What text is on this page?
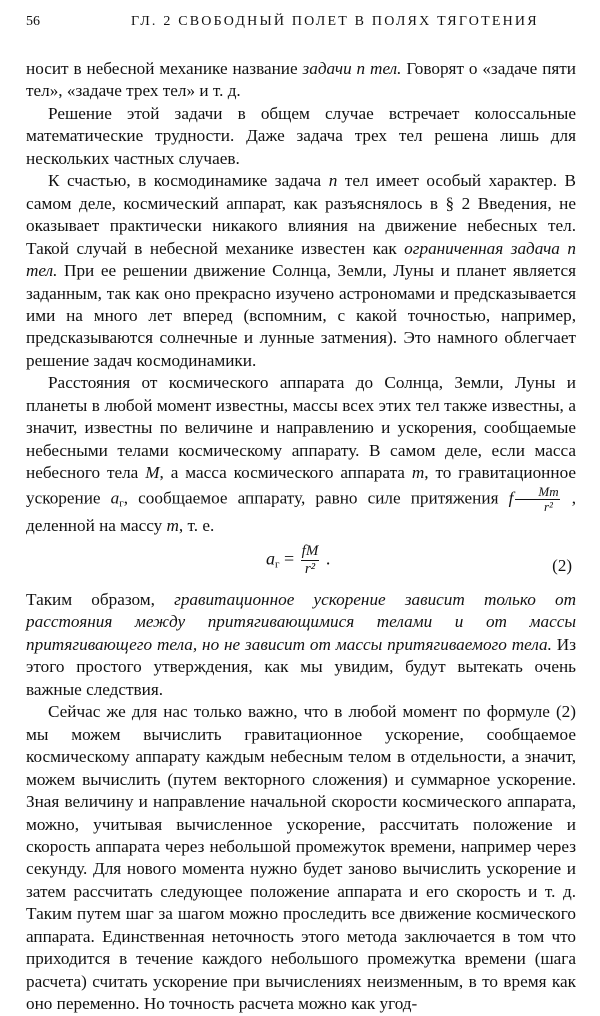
56	ГЛ. 2 СВОБОДНЫЙ ПОЛЕТ В ПОЛЯХ ТЯГОТЕНИЯ

носит в небесной механике название задачи n тел. Говорят о «задаче пяти тел», «задаче трех тел» и т. д.

Решение этой задачи в общем случае встречает колоссальные математические трудности. Даже задача трех тел решена лишь для нескольких частных случаев.

К счастью, в космодинамике задача n тел имеет особый характер. В самом деле, космический аппарат, как разъяснялось в § 2 Введения, не оказывает практически никакого влияния на движение небесных тел. Такой случай в небесной механике известен как ограниченная задача n тел. При ее решении движение Солнца, Земли, Луны и планет является заданным, так как оно прекрасно изучено астрономами и предсказывается ими на много лет вперед (вспомним, с какой точностью, например, предсказываются солнечные и лунные затмения). Это намного облегчает решение задач космодинамики.

Расстояния от космического аппарата до Солнца, Земли, Луны и планеты в любой момент известны, массы всех этих тел также известны, а значит, известны по величине и направлению и ускорения, сообщаемые небесными телами космическому аппарату. В самом деле, если масса небесного тела M, а масса космического аппарата m, то гравитационное ускорение $a_г$, сообщаемое аппарату, равно силе притяжения f $\frac{Mm}{\text{r²}}$ , деленной на массу m, т. е.

$a_г = \frac{fM}{\text{r²}}$ .	(2)

Таким образом, гравитационное ускорение зависит только от расстояния между притягивающимися телами и от массы притягивающего тела, но не зависит от массы притягиваемого тела. Из этого простого утверждения, как мы увидим, будут вытекать очень важные следствия.

Сейчас же для нас только важно, что в любой момент по формуле (2) мы можем вычислить гравитационное ускорение, сообщаемое космическому аппарату каждым небесным телом в отдельности, а значит, можем вычислить (путем векторного сложения) и суммарное ускорение. Зная величину и направление начальной скорости космического аппарата, можно, учитывая вычисленное ускорение, рассчитать положение и скорость аппарата через небольшой промежуток времени, например через секунду. Для нового момента нужно будет заново вычислить ускорение и затем рассчитать следующее положение аппарата и его скорость и т. д. Таким путем шаг за шагом можно проследить все движение космического аппарата. Единственная неточность этого метода заключается в том что приходится в течение каждого небольшого промежутка времени (шага расчета) считать ускорение при вычислениях неизменным, в то время как оно переменно. Но точность расчета можно как угод-
